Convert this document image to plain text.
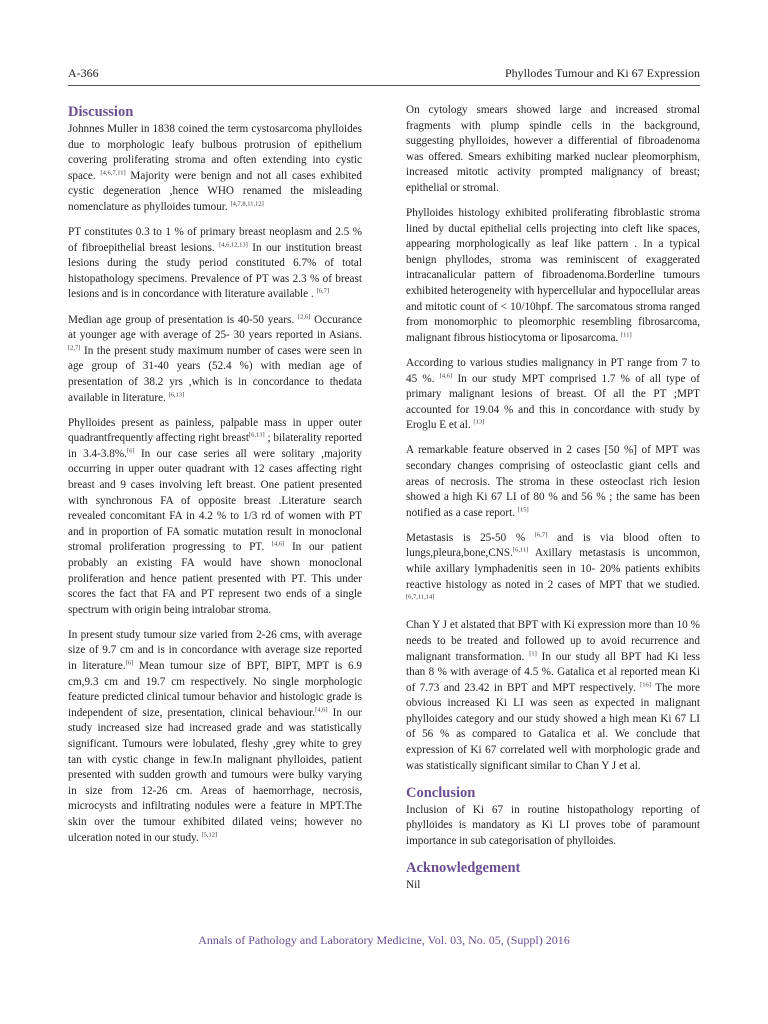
A-366	Phyllodes Tumour and Ki 67 Expression
Discussion

Johnnes Muller in 1838 coined the term cystosarcoma phylloides due to morphologic leafy bulbous protrusion of epithelium covering proliferating stroma and often extending into cystic space. [4,6,7,11] Majority were benign and not all cases exhibited cystic degeneration ,hence WHO renamed the misleading nomenclature as phylloides tumour. [4,7,8,11,12]

PT constitutes 0.3 to 1 % of primary breast neoplasm and 2.5 % of fibroepithelial breast lesions. [4,6,12,13] In our institution breast lesions during the study period constituted 6.7% of total histopathology specimens. Prevalence of PT was 2.3 % of breast lesions and is in concordance with literature available . [6,7]

Median age group of presentation is 40-50 years. [2,6] Occurance at younger age with average of 25- 30 years reported in Asians. [2,7] In the present study maximum number of cases were seen in age group of 31-40 years (52.4 %) with median age of presentation of 38.2 yrs ,which is in concordance to thedata available in literature. [6,13]

Phylloides present as painless, palpable mass in upper outer quadrantfrequently affecting right breast[6,13] ; bilaterality reported in 3.4-3.8%.[6] In our case series all were solitary ,majority occurring in upper outer quadrant with 12 cases affecting right breast and 9 cases involving left breast. One patient presented with synchronous FA of opposite breast .Literature search revealed concomitant FA in 4.2 % to 1/3 rd of women with PT and in proportion of FA somatic mutation result in monoclonal stromal proliferation progressing to PT. [4,6] In our patient probably an existing FA would have shown monoclonal proliferation and hence patient presented with PT. This under scores the fact that FA and PT represent two ends of a single spectrum with origin being intralobar stroma.

In present study tumour size varied from 2-26 cms, with average size of 9.7 cm and is in concordance with average size reported in literature.[6] Mean tumour size of BPT, BlPT, MPT is 6.9 cm,9.3 cm and 19.7 cm respectively. No single morphologic feature predicted clinical tumour behavior and histologic grade is independent of size, presentation, clinical behaviour.[4,6] In our study increased size had increased grade and was statistically significant. Tumours were lobulated, fleshy ,grey white to grey tan with cystic change in few.In malignant phylloides, patient presented with sudden growth and tumours were bulky varying in size from 12-26 cm. Areas of haemorrhage, necrosis, microcysts and infiltrating nodules were a feature in MPT.The skin over the tumour exhibited dilated veins; however no ulceration noted in our study. [5,12]

On cytology smears showed large and increased stromal fragments with plump spindle cells in the background, suggesting phylloides, however a differential of fibroadenoma was offered. Smears exhibiting marked nuclear pleomorphism, increased mitotic activity prompted malignancy of breast; epithelial or stromal.

Phylloides histology exhibited proliferating fibroblastic stroma lined by ductal epithelial cells projecting into cleft like spaces, appearing morphologically as leaf like pattern . In a typical benign phyllodes, stroma was reminiscent of exaggerated intracanalicular pattern of fibroadenoma.Borderline tumours exhibited heterogeneity with hypercellular and hypocellular areas and mitotic count of < 10/10hpf. The sarcomatous stroma ranged from monomorphic to pleomorphic resembling fibrosarcoma, malignant fibrous histiocytoma or liposarcoma. [11]

According to various studies malignancy in PT range from 7 to 45 %. [4,6] In our study MPT comprised 1.7 % of all type of primary malignant lesions of breast. Of all the PT ;MPT accounted for 19.04 % and this in concordance with study by Eroglu E et al. [13]

A remarkable feature observed in 2 cases [50 %] of MPT was secondary changes comprising of osteoclastic giant cells and areas of necrosis. The stroma in these osteoclast rich lesion showed a high Ki 67 LI of 80 % and 56 % ; the same has been notified as a case report. [15]

Metastasis is 25-50 % [6,7] and is via blood often to lungs,pleura,bone,CNS.[6,11] Axillary metastasis is uncommon, while axillary lymphadenitis seen in 10- 20% patients exhibits reactive histology as noted in 2 cases of MPT that we studied. [6,7,11,14]

Chan Y J et alstated that BPT with Ki expression more than 10 % needs to be treated and followed up to avoid recurrence and malignant transformation. [1] In our study all BPT had Ki less than 8 % with average of 4.5 %. Gatalica et al reported mean Ki of 7.73 and 23.42 in BPT and MPT respectively. [16] The more obvious increased Ki LI was seen as expected in malignant phylloides category and our study showed a high mean Ki 67 LI of 56 % as compared to Gatalica et al. We conclude that expression of Ki 67 correlated well with morphologic grade and was statistically significant similar to Chan Y J et al.

Conclusion

Inclusion of Ki 67 in routine histopathology reporting of phylloides is mandatory as Ki LI proves tobe of paramount importance in sub categorisation of phylloides.

Acknowledgement

Nil

Annals of Pathology and Laboratory Medicine, Vol. 03, No. 05, (Suppl) 2016
